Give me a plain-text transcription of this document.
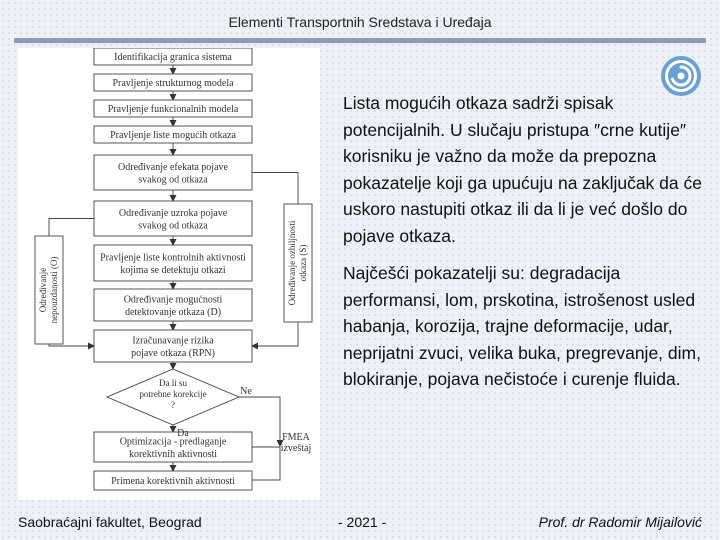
Elementi Transportnih Sredstava i Uređaja
Identifikacija granica sistema
Pravljenje strukturnog modela
Pravljenje funkcionalnih modela
Pravljenje liste mogućih otkaza
Određivanje efekata pojave
svakog od otkaza
Određivanje uzroka pojave
svakog od otkaza
Pravljenje liste kontrolnih aktivnosti
kojima se detektuju otkazi
Određivanje mogućnosti
detektovanje otkaza (D)
Izračunavanje rizika
pojave otkaza (RPN)
Optimizacija - predlaganje
korektivnih aktivnosti
Primena korektivnih aktivnosti
Da li su
potrebne korekcije
?
Da
Ne
FMEA
izveštaj
Određivanje nepouzdanosti (O)	Određivanje ozbiljnosti otkaza (S)

Lista mogućih otkaza sadrži spisak potencijalnih. U slučaju pristupa ″crne kutije″ korisniku je važno da može da prepozna pokazatelje koji ga upućuju na zaključak da će uskoro nastupiti otkaz ili da li je već došlo do pojave otkaza.

Najčešći pokazatelji su: degradacija performansi, lom, prskotina, istrošenost usled habanja, korozija, trajne deformacije, udar, neprijatni zvuci, velika buka, pregrevanje, dim, blokiranje, pojava nečistoće i curenje fluida.

Saobraćajni fakultet, Beograd	- 2021 -	Prof. dr Radomir Mijailović
